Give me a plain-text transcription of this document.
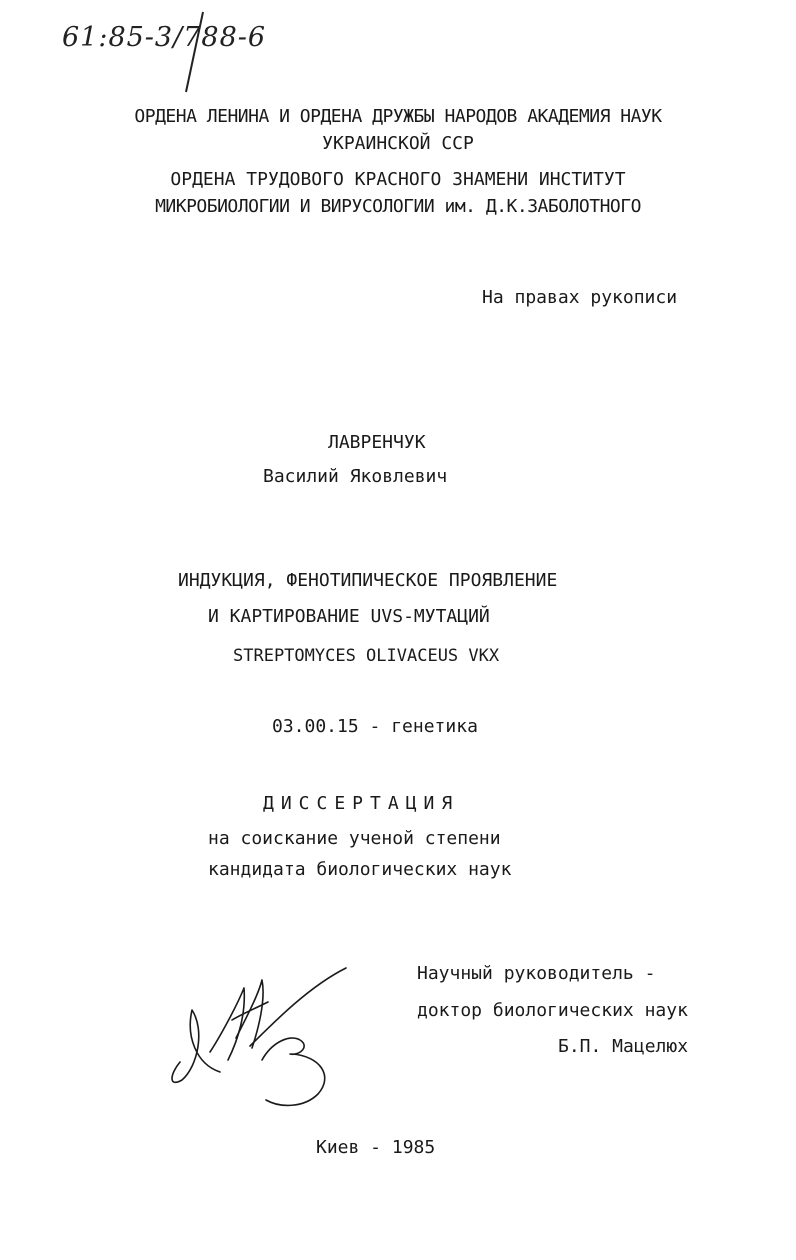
61:85-3/788-6
ОРДЕНА ЛЕНИНА И ОРДЕНА ДРУЖБЫ НАРОДОВ АКАДЕМИЯ НАУК
УКРАИНСКОЙ ССР
ОРДЕНА ТРУДОВОГО КРАСНОГО ЗНАМЕНИ ИНСТИТУТ
МИКРОБИОЛОГИИ И ВИРУСОЛОГИИ им. Д.К.ЗАБОЛОТНОГО
На правах рукописи
ЛАВРЕНЧУК
Василий Яковлевич
ИНДУКЦИЯ, ФЕНОТИПИЧЕСКОЕ ПРОЯВЛЕНИЕ
И КАРТИРОВАНИЕ UVS-МУТАЦИЙ
STREPTOMYCES OLIVACEUS VKX
03.00.15 - генетика
ДИССЕРТАЦИЯ
на соискание ученой степени
кандидата биологических наук
Научный руководитель -
доктор биологических наук
Б.П. Мацелюх
Киев - 1985
